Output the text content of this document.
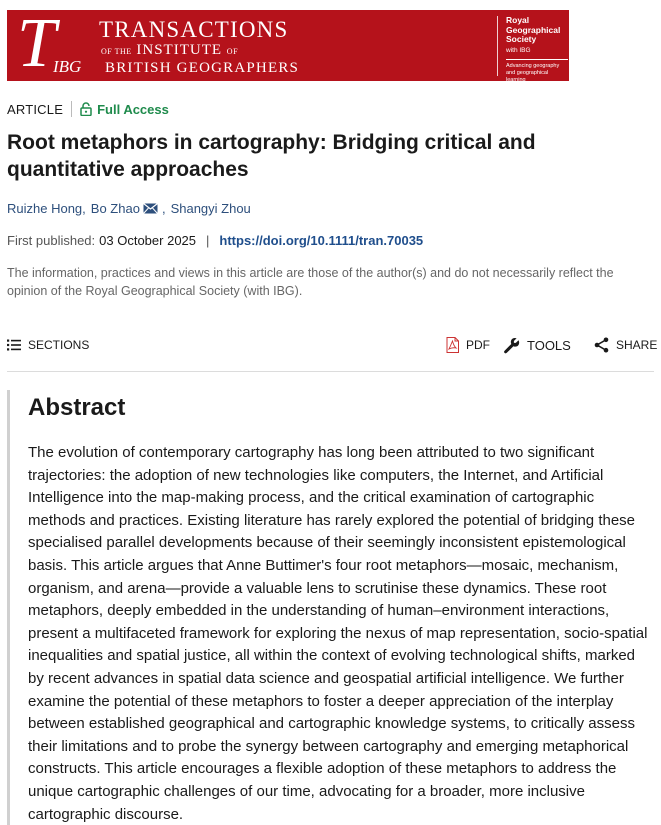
T
IBG
TRANSACTIONS
OF THE INSTITUTE OF
BRITISH GEOGRAPHERS
Royal
Geographical
Society
with IBG
Advancing geography
and geographical learning
ARTICLE	Full Access
Root metaphors in cartography: Bridging critical and quantitative approaches
Ruizhe Hong , Bo Zhao , Shangyi Zhou
First published: 03 October 2025 | https://doi.org/10.1111/tran.70035

The information, practices and views in this article are those of the author(s) and do not necessarily reflect the opinion of the Royal Geographical Society (with IBG).

SECTIONS	PDF	TOOLS	SHARE
Abstract

The evolution of contemporary cartography has long been attributed to two significant trajectories: the adoption of new technologies like computers, the Internet, and Artificial Intelligence into the map-making process, and the critical examination of cartographic methods and practices. Existing literature has rarely explored the potential of bridging these specialised parallel developments because of their seemingly inconsistent epistemological basis. This article argues that Anne Buttimer's four root metaphors—mosaic, mechanism, organism, and arena—provide a valuable lens to scrutinise these dynamics. These root metaphors, deeply embedded in the understanding of human–environment interactions, present a multifaceted framework for exploring the nexus of map representation, socio-spatial inequalities and spatial justice, all within the context of evolving technological shifts, marked by recent advances in spatial data science and geospatial artificial intelligence. We further examine the potential of these metaphors to foster a deeper appreciation of the interplay between established geographical and cartographic knowledge systems, to critically assess their limitations and to probe the synergy between cartography and emerging metaphorical constructs. This article encourages a flexible adoption of these metaphors to address the unique cartographic challenges of our time, advocating for a broader, more inclusive cartographic discourse.
